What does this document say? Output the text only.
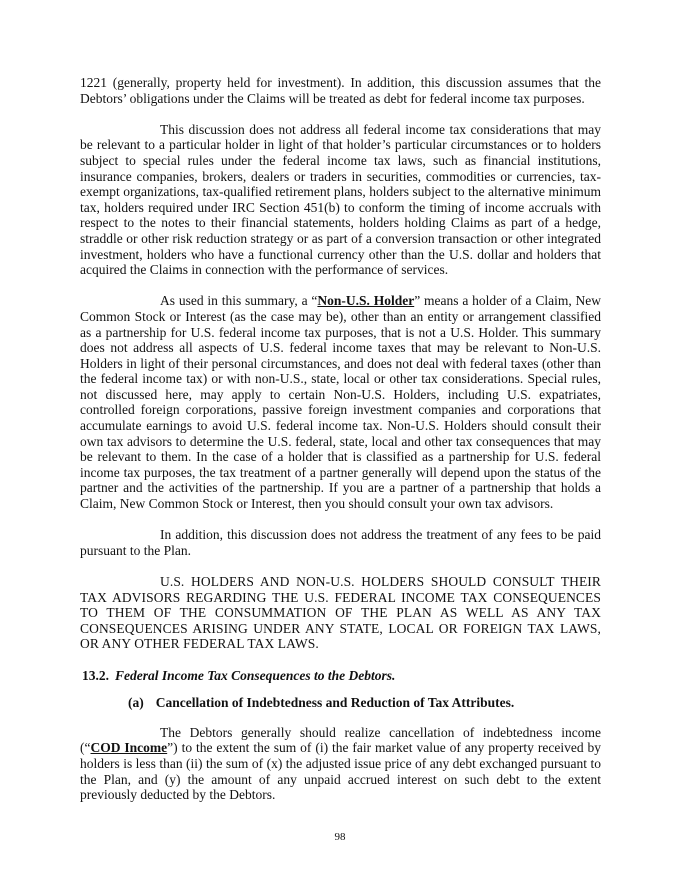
1221 (generally, property held for investment). In addition, this discussion assumes that the Debtors’ obligations under the Claims will be treated as debt for federal income tax purposes.

This discussion does not address all federal income tax considerations that may be relevant to a particular holder in light of that holder’s particular circumstances or to holders subject to special rules under the federal income tax laws, such as financial institutions, insurance companies, brokers, dealers or traders in securities, commodities or currencies, tax-exempt organizations, tax-qualified retirement plans, holders subject to the alternative minimum tax, holders required under IRC Section 451(b) to conform the timing of income accruals with respect to the notes to their financial statements, holders holding Claims as part of a hedge, straddle or other risk reduction strategy or as part of a conversion transaction or other integrated investment, holders who have a functional currency other than the U.S. dollar and holders that acquired the Claims in connection with the performance of services.

As used in this summary, a “Non-U.S. Holder” means a holder of a Claim, New Common Stock or Interest (as the case may be), other than an entity or arrangement classified as a partnership for U.S. federal income tax purposes, that is not a U.S. Holder. This summary does not address all aspects of U.S. federal income taxes that may be relevant to Non-U.S. Holders in light of their personal circumstances, and does not deal with federal taxes (other than the federal income tax) or with non-U.S., state, local or other tax considerations. Special rules, not discussed here, may apply to certain Non-U.S. Holders, including U.S. expatriates, controlled foreign corporations, passive foreign investment companies and corporations that accumulate earnings to avoid U.S. federal income tax. Non-U.S. Holders should consult their own tax advisors to determine the U.S. federal, state, local and other tax consequences that may be relevant to them. In the case of a holder that is classified as a partnership for U.S. federal income tax purposes, the tax treatment of a partner generally will depend upon the status of the partner and the activities of the partnership. If you are a partner of a partnership that holds a Claim, New Common Stock or Interest, then you should consult your own tax advisors.

In addition, this discussion does not address the treatment of any fees to be paid pursuant to the Plan.

U.S. HOLDERS AND NON-U.S. HOLDERS SHOULD CONSULT THEIR TAX ADVISORS REGARDING THE U.S. FEDERAL INCOME TAX CONSEQUENCES TO THEM OF THE CONSUMMATION OF THE PLAN AS WELL AS ANY TAX CONSEQUENCES ARISING UNDER ANY STATE, LOCAL OR FOREIGN TAX LAWS, OR ANY OTHER FEDERAL TAX LAWS.

13.2. Federal Income Tax Consequences to the Debtors.
(a) Cancellation of Indebtedness and Reduction of Tax Attributes.

The Debtors generally should realize cancellation of indebtedness income (“COD Income”) to the extent the sum of (i) the fair market value of any property received by holders is less than (ii) the sum of (x) the adjusted issue price of any debt exchanged pursuant to the Plan, and (y) the amount of any unpaid accrued interest on such debt to the extent previously deducted by the Debtors.

98
